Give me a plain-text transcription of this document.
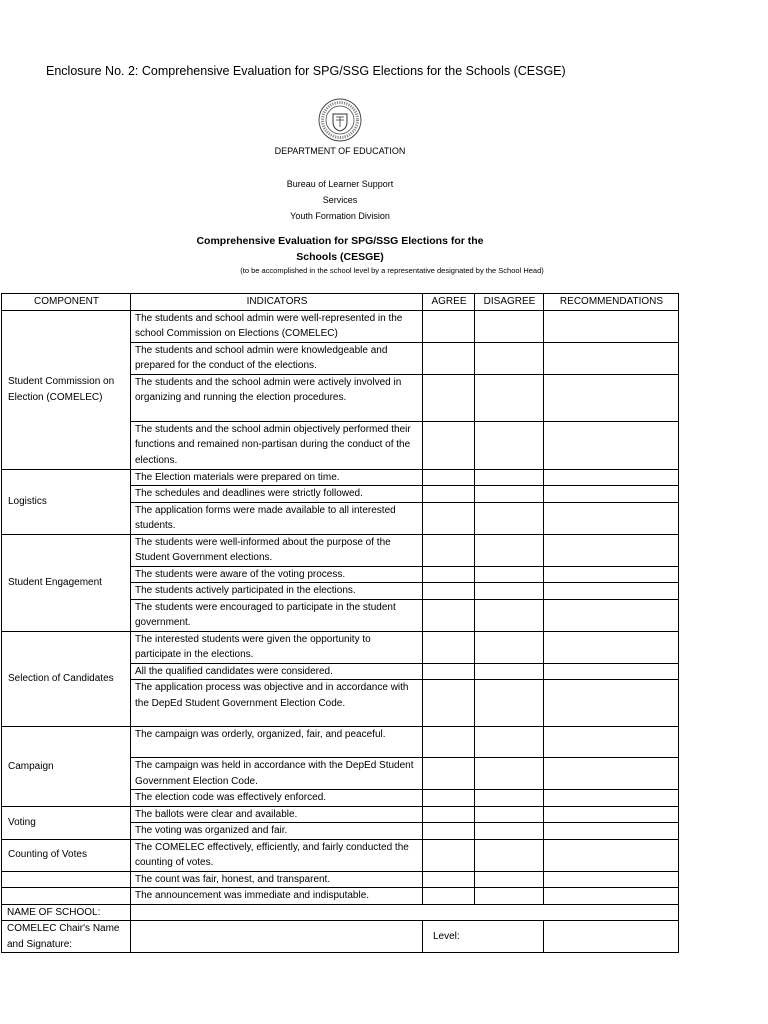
Enclosure No. 2: Comprehensive Evaluation for SPG/SSG Elections for the Schools (CESGE)
DEPARTMENT OF EDUCATION
Bureau of Learner Support
Services
Youth Formation Division
Comprehensive Evaluation for SPG/SSG Elections for the
Schools (CESGE)
(to be accomplished in the school level by a representative designated by the School Head)
COMPONENT	INDICATORS	AGREE	DISAGREE	RECOMMENDATIONS
Student Commission on Election (COMELEC)	The students and school admin were well-represented in the school Commission on Elections (COMELEC)			
	The students and school admin were knowledgeable and prepared for the conduct of the elections.			
	The students and the school admin were actively involved in organizing and running the election procedures.			
	The students and the school admin objectively performed their functions and remained non-partisan during the conduct of the elections.			
Logistics	The Election materials were prepared on time.			
	The schedules and deadlines were strictly followed.			
	The application forms were made available to all interested students.			
Student Engagement	The students were well-informed about the purpose of the Student Government elections.			
	The students were aware of the voting process.			
	The students actively participated in the elections.			
	The students were encouraged to participate in the student government.			
Selection of Candidates	The interested students were given the opportunity to participate in the elections.			
	All the qualified candidates were considered.			
	The application process was objective and in accordance with the DepEd Student Government Election Code.			
Campaign	The campaign was orderly, organized, fair, and peaceful.			
	The campaign was held in accordance with the DepEd Student Government Election Code.			
	The election code was effectively enforced.			
Voting	The ballots were clear and available.			
	The voting was organized and fair.			
Counting of Votes	The COMELEC effectively, efficiently, and fairly conducted the counting of votes.			
	The count was fair, honest, and transparent.			
	The announcement was immediate and indisputable.			
NAME OF SCHOOL:				
COMELEC Chair's Name and Signature:		Level:		
